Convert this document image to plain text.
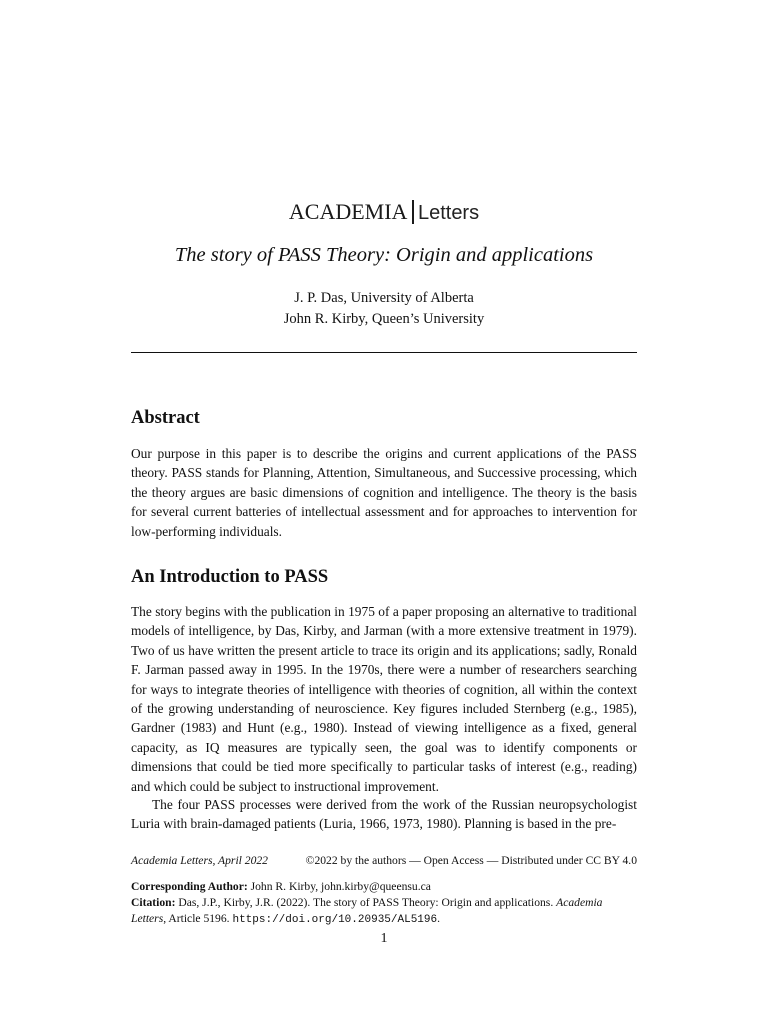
ACADEMIA Letters
The story of PASS Theory: Origin and applications
J. P. Das, University of Alberta
John R. Kirby, Queen’s University
Abstract

Our purpose in this paper is to describe the origins and current applications of the PASS theory. PASS stands for Planning, Attention, Simultaneous, and Successive processing, which the theory argues are basic dimensions of cognition and intelligence. The theory is the basis for several current batteries of intellectual assessment and for approaches to intervention for low-performing individuals.

An Introduction to PASS

The story begins with the publication in 1975 of a paper proposing an alternative to traditional models of intelligence, by Das, Kirby, and Jarman (with a more extensive treatment in 1979). Two of us have written the present article to trace its origin and its applications; sadly, Ronald F. Jarman passed away in 1995. In the 1970s, there were a number of researchers searching for ways to integrate theories of intelligence with theories of cognition, all within the context of the growing understanding of neuroscience. Key figures included Sternberg (e.g., 1985), Gardner (1983) and Hunt (e.g., 1980). Instead of viewing intelligence as a fixed, general capacity, as IQ measures are typically seen, the goal was to identify components or dimensions that could be tied more specifically to particular tasks of interest (e.g., reading) and which could be subject to instructional improvement.

The four PASS processes were derived from the work of the Russian neuropsychologist Luria with brain-damaged patients (Luria, 1966, 1973, 1980). Planning is based in the pre-

Academia Letters, April 2022	©2022 by the authors — Open Access — Distributed under CC BY 4.0
Corresponding Author: John R. Kirby, john.kirby@queensu.ca
Citation: Das, J.P., Kirby, J.R. (2022). The story of PASS Theory: Origin and applications. Academia Letters, Article 5196. https://doi.org/10.20935/AL5196.
1
